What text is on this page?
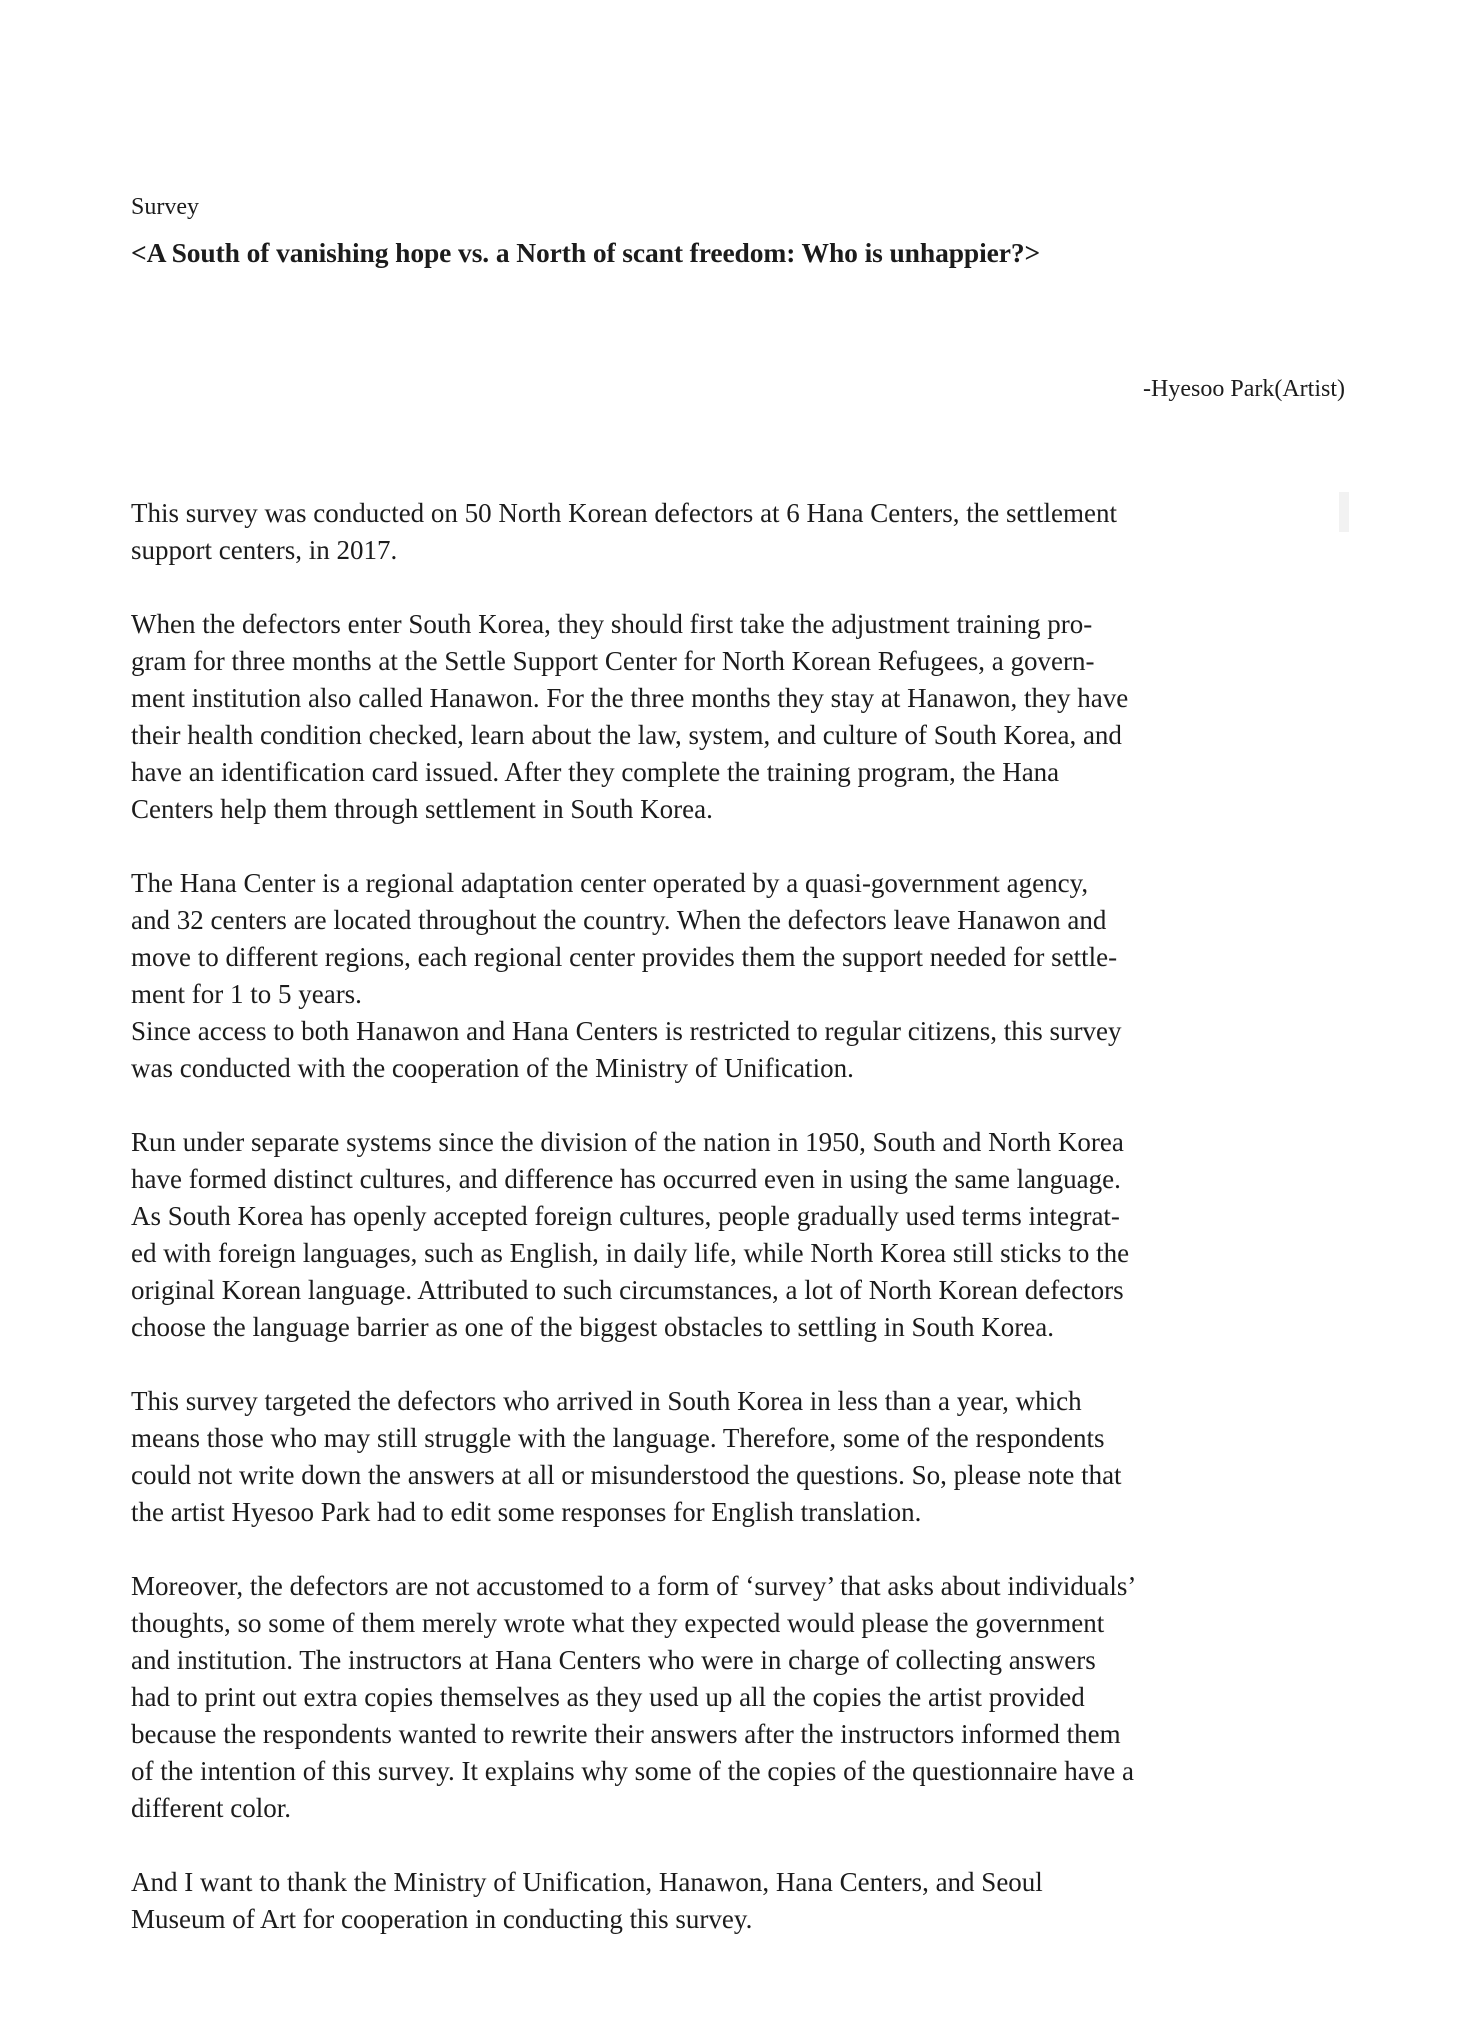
Survey

<A South of vanishing hope vs. a North of scant freedom: Who is unhappier?>

-Hyesoo Park(Artist)

This survey was conducted on 50 North Korean defectors at 6 Hana Centers, the settlement
support centers, in 2017.

When the defectors enter South Korea, they should first take the adjustment training pro-
gram for three months at the Settle Support Center for North Korean Refugees, a govern-
ment institution also called Hanawon. For the three months they stay at Hanawon, they have
their health condition checked, learn about the law, system, and culture of South Korea, and
have an identification card issued. After they complete the training program, the Hana
Centers help them through settlement in South Korea.

The Hana Center is a regional adaptation center operated by a quasi-government agency,
and 32 centers are located throughout the country. When the defectors leave Hanawon and
move to different regions, each regional center provides them the support needed for settle-
ment for 1 to 5 years.

Since access to both Hanawon and Hana Centers is restricted to regular citizens, this survey
was conducted with the cooperation of the Ministry of Unification.

Run under separate systems since the division of the nation in 1950, South and North Korea
have formed distinct cultures, and difference has occurred even in using the same language.
As South Korea has openly accepted foreign cultures, people gradually used terms integrat-
ed with foreign languages, such as English, in daily life, while North Korea still sticks to the
original Korean language. Attributed to such circumstances, a lot of North Korean defectors
choose the language barrier as one of the biggest obstacles to settling in South Korea.

This survey targeted the defectors who arrived in South Korea in less than a year, which
means those who may still struggle with the language. Therefore, some of the respondents
could not write down the answers at all or misunderstood the questions. So, please note that
the artist Hyesoo Park had to edit some responses for English translation.

Moreover, the defectors are not accustomed to a form of ‘survey’ that asks about individuals’
thoughts, so some of them merely wrote what they expected would please the government
and institution. The instructors at Hana Centers who were in charge of collecting answers
had to print out extra copies themselves as they used up all the copies the artist provided
because the respondents wanted to rewrite their answers after the instructors informed them
of the intention of this survey. It explains why some of the copies of the questionnaire have a
different color.

And I want to thank the Ministry of Unification, Hanawon, Hana Centers, and Seoul
Museum of Art for cooperation in conducting this survey.
